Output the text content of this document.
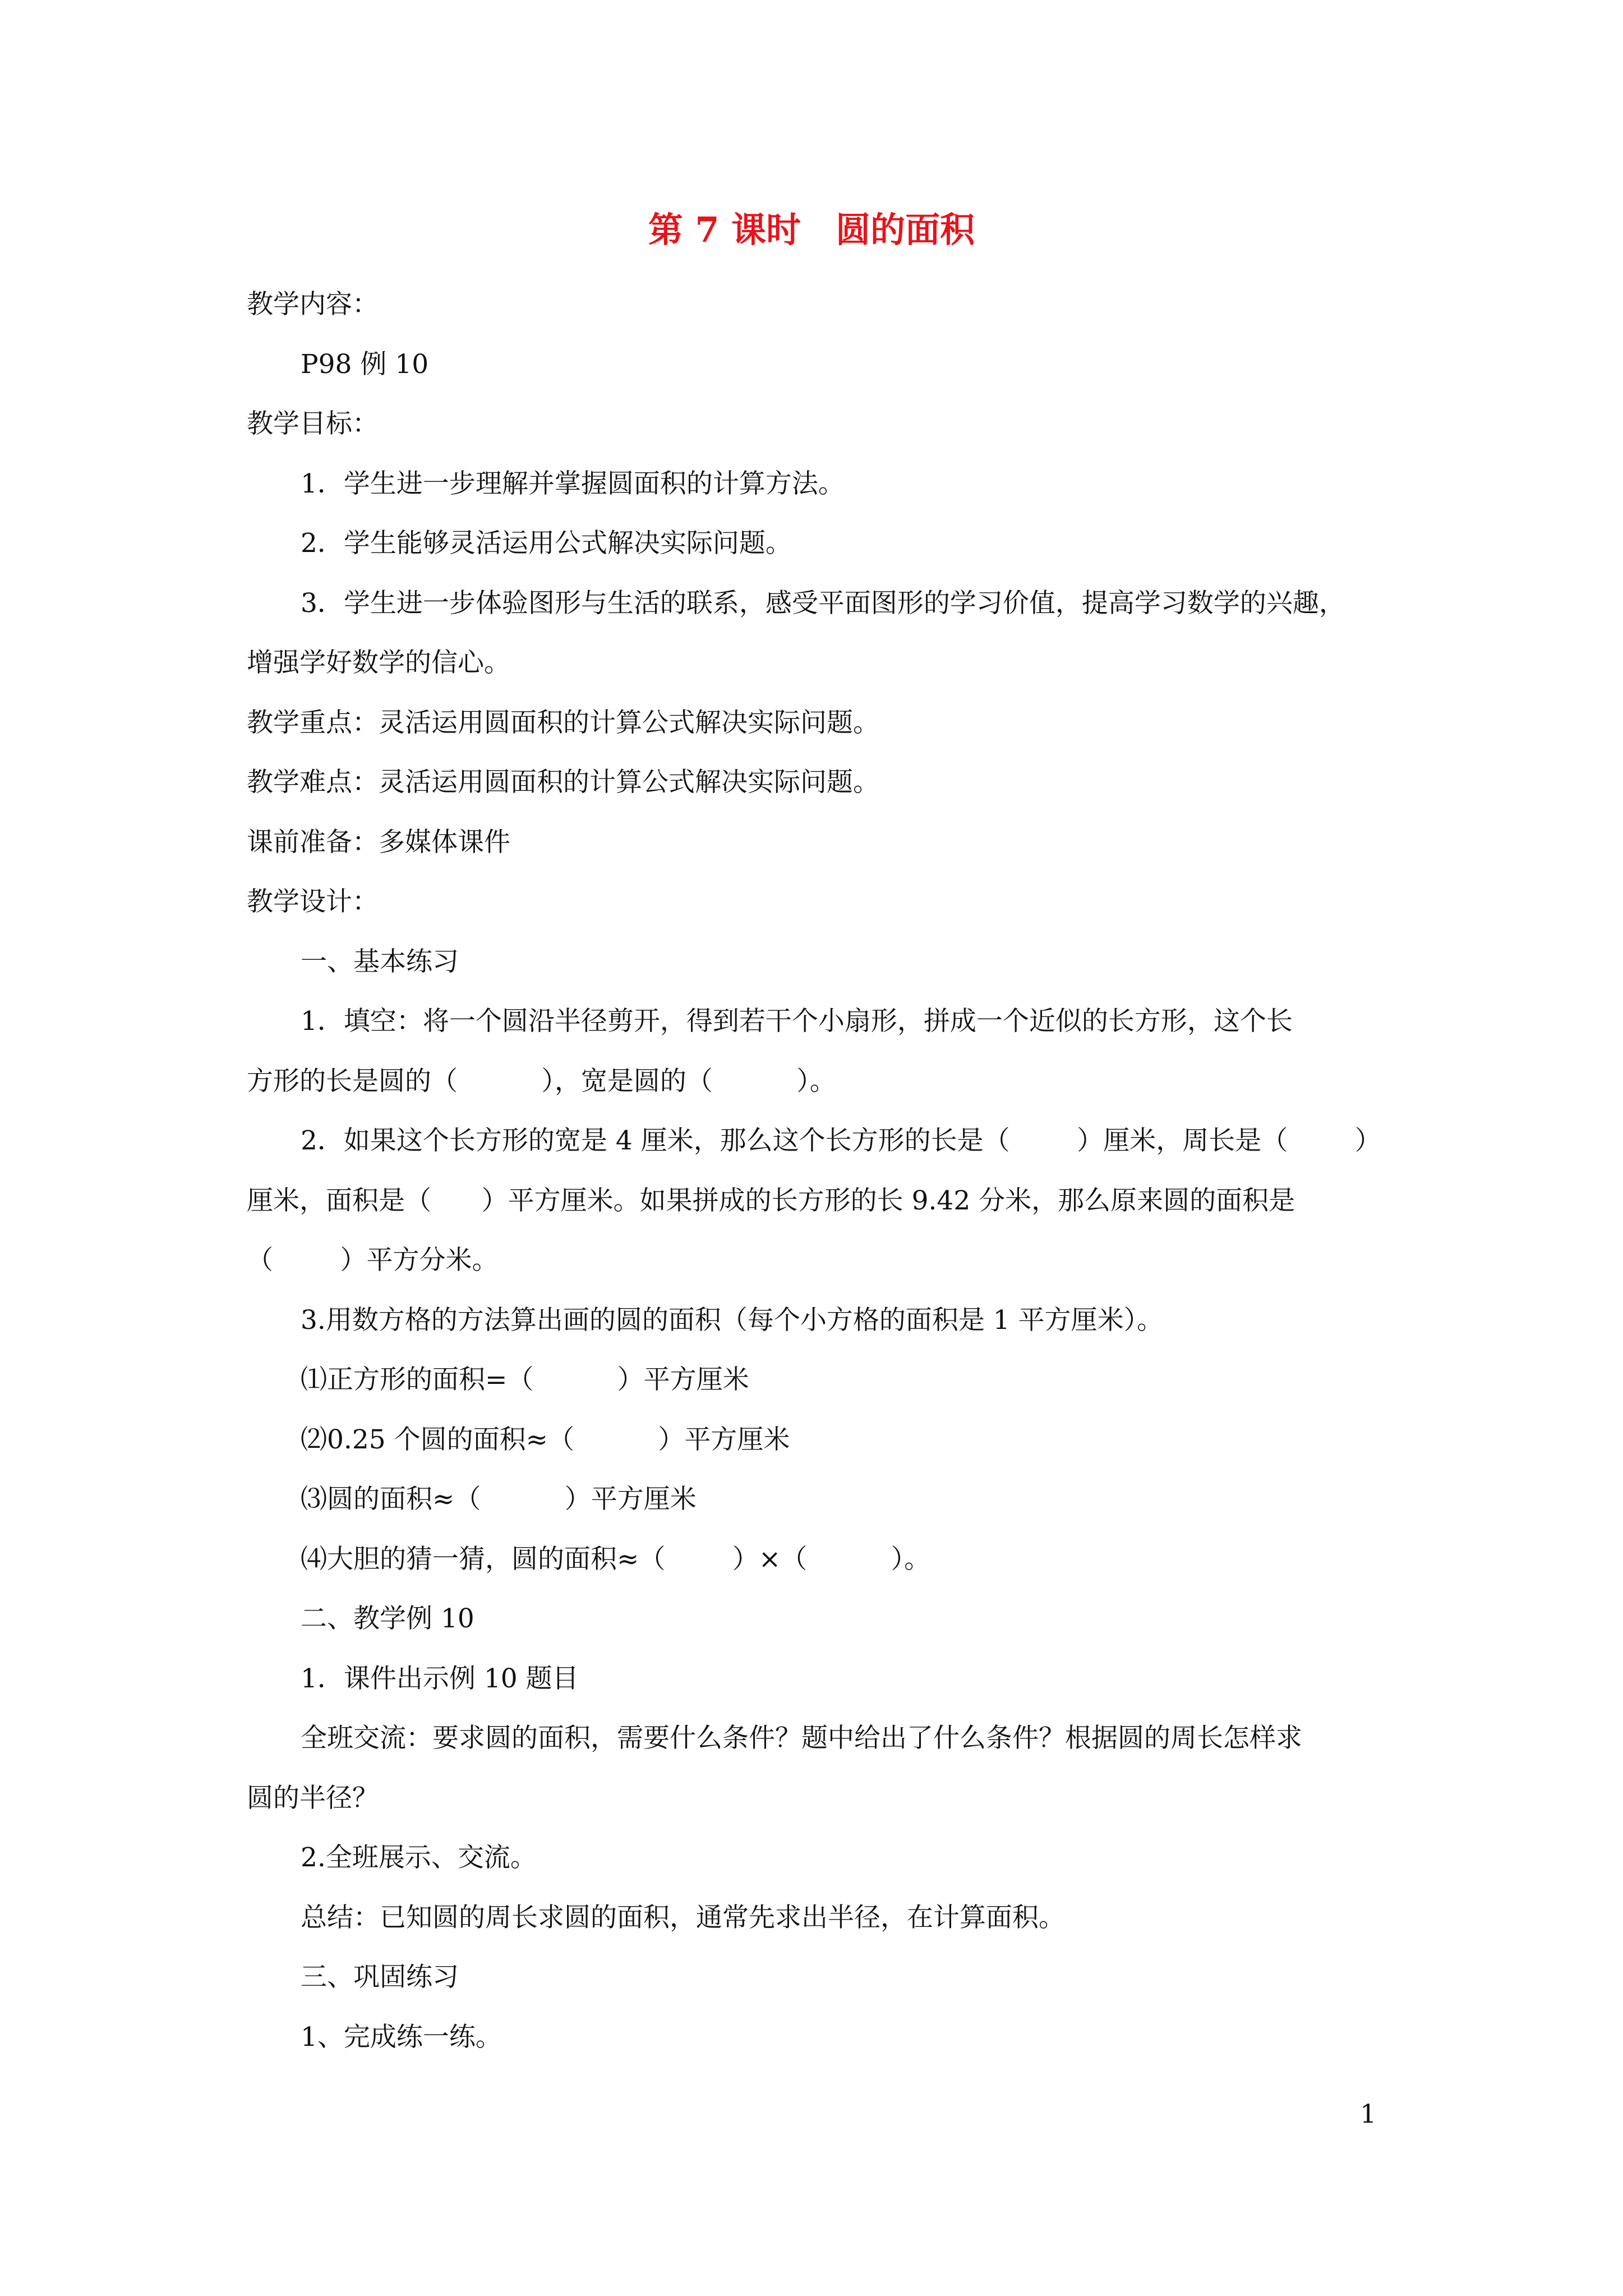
第 7 课时　圆的面积
教学内容：
P98 例 10
教学目标：
1．学生进一步理解并掌握圆面积的计算方法。
2．学生能够灵活运用公式解决实际问题。
3．学生进一步体验图形与生活的联系，感受平面图形的学习价值，提高学习数学的兴趣，
增强学好数学的信心。
教学重点：灵活运用圆面积的计算公式解决实际问题。
教学难点：灵活运用圆面积的计算公式解决实际问题。
课前准备：多媒体课件
教学设计：
一、基本练习
1．填空：将一个圆沿半径剪开，得到若干个小扇形，拼成一个近似的长方形，这个长
方形的长是圆的（          ），宽是圆的（          ）。
2．如果这个长方形的宽是 4 厘米，那么这个长方形的长是（        ）厘米，周长是（        ）
厘米，面积是（      ）平方厘米。如果拼成的长方形的长 9.42 分米，那么原来圆的面积是
（        ）平方分米。
3.用数方格的方法算出画的圆的面积（每个小方格的面积是 1 平方厘米）。
⑴正方形的面积=（          ）平方厘米
⑵0.25 个圆的面积≈（          ）平方厘米
⑶圆的面积≈（          ）平方厘米
⑷大胆的猜一猜，圆的面积≈（        ）×（          ）。
二、教学例 10
1．课件出示例 10 题目
全班交流：要求圆的面积，需要什么条件？题中给出了什么条件？根据圆的周长怎样求
圆的半径？
2.全班展示、交流。
总结：已知圆的周长求圆的面积，通常先求出半径，在计算面积。
三、巩固练习
1、完成练一练。
1
